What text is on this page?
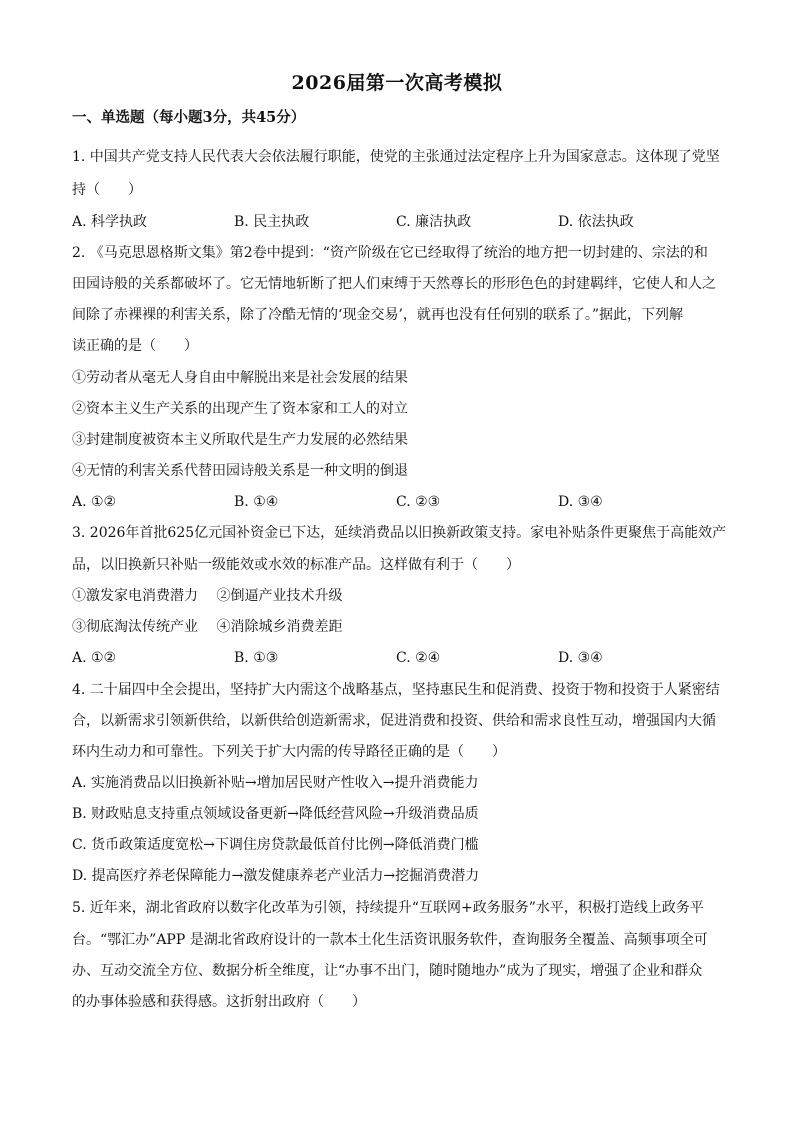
2026届第一次高考模拟
一、单选题（每小题3分，共45分）
1. 中国共产党支持人民代表大会依法履行职能，使党的主张通过法定程序上升为国家意志。这体现了党坚
持（　　）
A. 科学执政	B. 民主执政	C. 廉洁执政	D. 依法执政
2. 《马克思恩格斯文集》第2卷中提到：“资产阶级在它已经取得了统治的地方把一切封建的、宗法的和
田园诗般的关系都破坏了。它无情地斩断了把人们束缚于天然尊长的形形色色的封建羁绊，它使人和人之
间除了赤裸裸的利害关系，除了冷酷无情的‘现金交易’，就再也没有任何别的联系了。”据此，下列解
读正确的是（　　）
①劳动者从毫无人身自由中解脱出来是社会发展的结果
②资本主义生产关系的出现产生了资本家和工人的对立
③封建制度被资本主义所取代是生产力发展的必然结果
④无情的利害关系代替田园诗般关系是一种文明的倒退
A. ①②	B. ①④	C. ②③	D. ③④
3. 2026年首批625亿元国补资金已下达，延续消费品以旧换新政策支持。家电补贴条件更聚焦于高能效产
品，以旧换新只补贴一级能效或水效的标准产品。这样做有利于（　　）
①激发家电消费潜力　 ②倒逼产业技术升级
③彻底淘汰传统产业　 ④消除城乡消费差距
A. ①②	B. ①③	C. ②④	D. ③④
4. 二十届四中全会提出，坚持扩大内需这个战略基点，坚持惠民生和促消费、投资于物和投资于人紧密结
合，以新需求引领新供给，以新供给创造新需求，促进消费和投资、供给和需求良性互动，增强国内大循
环内生动力和可靠性。下列关于扩大内需的传导路径正确的是（　　）
A. 实施消费品以旧换新补贴→增加居民财产性收入→提升消费能力
B. 财政贴息支持重点领域设备更新→降低经营风险→升级消费品质
C. 货币政策适度宽松→下调住房贷款最低首付比例→降低消费门槛
D. 提高医疗养老保障能力→激发健康养老产业活力→挖掘消费潜力
5. 近年来，湖北省政府以数字化改革为引领，持续提升“互联网+政务服务”水平，积极打造线上政务平
台。“鄂汇办”APP 是湖北省政府设计的一款本土化生活资讯服务软件，查询服务全覆盖、高频事项全可
办、互动交流全方位、数据分析全维度，让“办事不出门，随时随地办”成为了现实，增强了企业和群众
的办事体验感和获得感。这折射出政府（　　）
